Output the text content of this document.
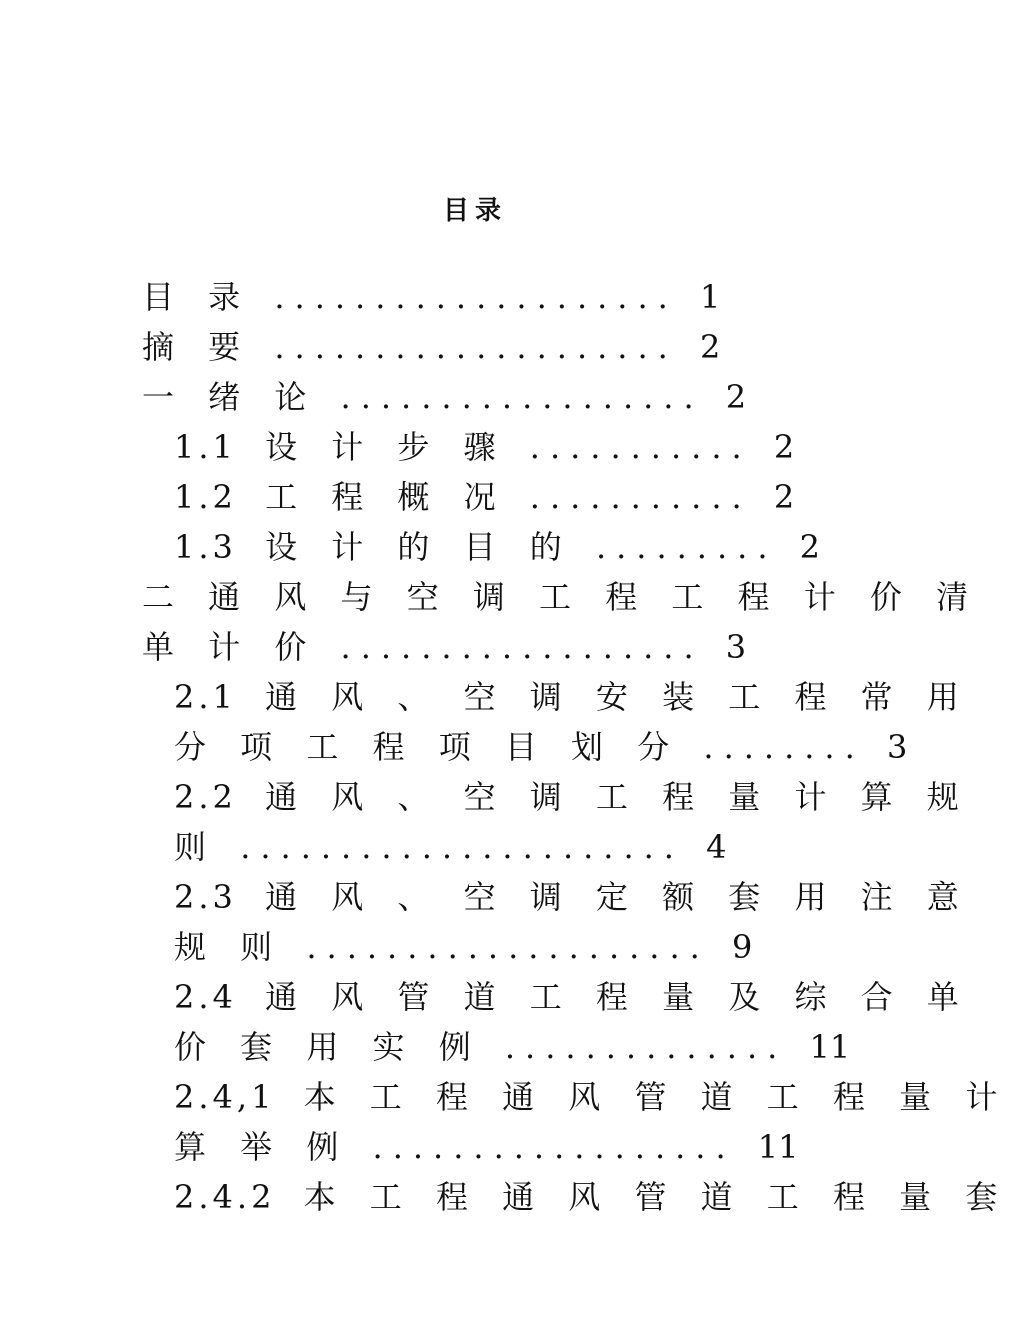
目录
目 录 .................... 1
摘 要 .................... 2
一 绪 论 .................. 2
1.1 设 计 步 骤 ........... 2
1.2 工 程 概 况 ........... 2
1.3 设 计 的 目 的 ......... 2
二 通 风 与 空 调 工 程 工 程 计 价 清
单 计 价 .................. 3
2.1 通 风 、 空 调 安 装 工 程 常 用
分 项 工 程 项 目 划 分 ........ 3
2.2 通 风 、 空 调 工 程 量 计 算 规
则 ...................... 4
2.3 通 风 、 空 调 定 额 套 用 注 意
规 则 .................... 9
2.4 通 风 管 道 工 程 量 及 综 合 单
价 套 用 实 例 .............. 11
2.4,1 本 工 程 通 风 管 道 工 程 量 计
算 举 例 .................. 11
2.4.2 本 工 程 通 风 管 道 工 程 量 套
